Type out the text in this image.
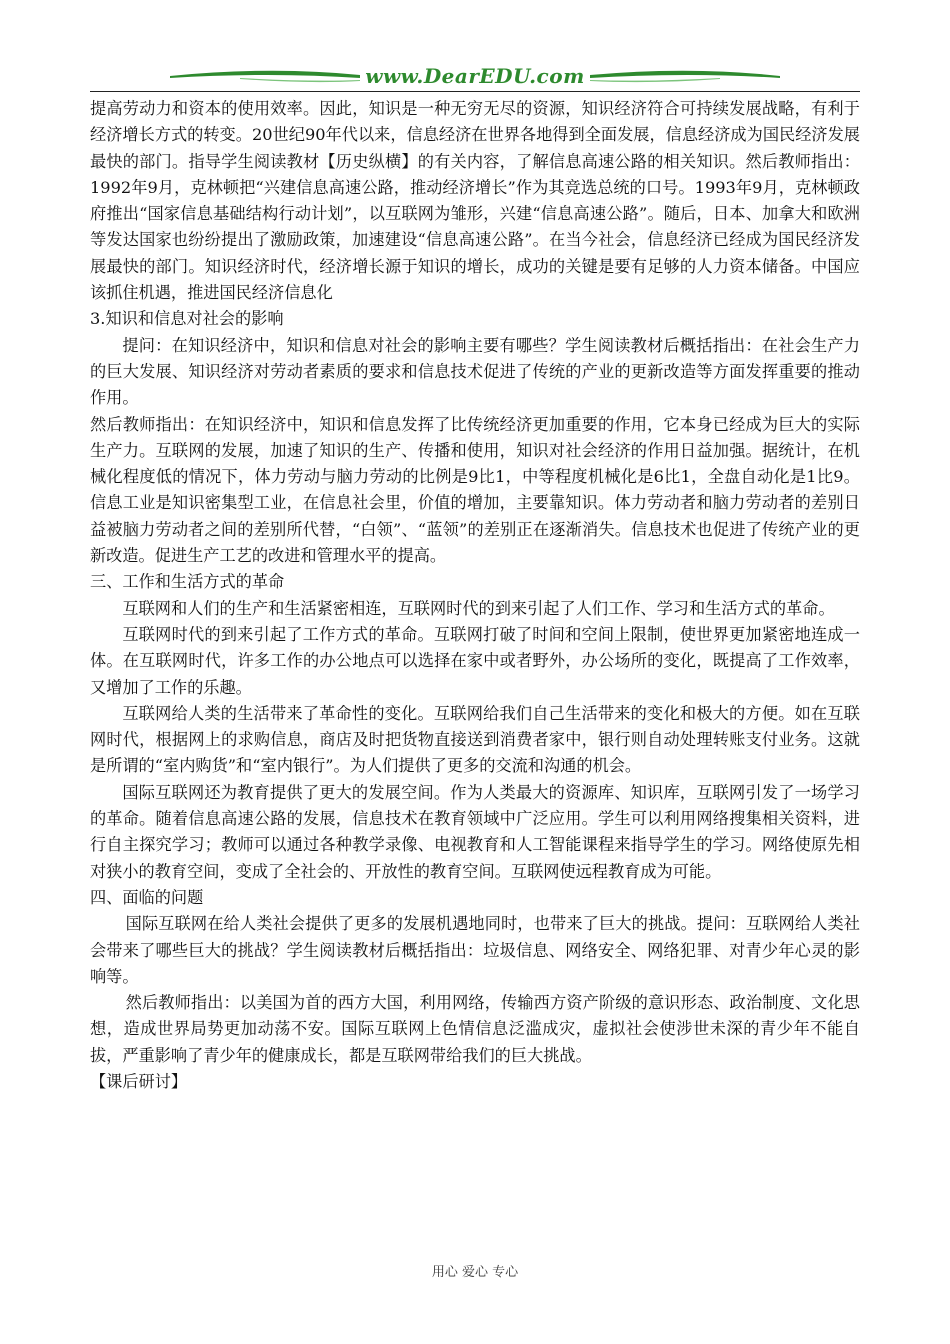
www.DearEDU.com

提高劳动力和资本的使用效率。因此，知识是一种无穷无尽的资源，知识经济符合可持续发展战略，有利于经济增长方式的转变。20世纪90年代以来，信息经济在世界各地得到全面发展，信息经济成为国民经济发展最快的部门。指导学生阅读教材【历史纵横】的有关内容，了解信息高速公路的相关知识。然后教师指出：1992年9月，克林顿把“兴建信息高速公路，推动经济增长”作为其竞选总统的口号。1993年9月，克林顿政府推出“国家信息基础结构行动计划”，以互联网为雏形，兴建“信息高速公路”。随后，日本、加拿大和欧洲等发达国家也纷纷提出了激励政策，加速建设“信息高速公路”。在当今社会，信息经济已经成为国民经济发展最快的部门。知识经济时代，经济增长源于知识的增长，成功的关键是要有足够的人力资本储备。中国应该抓住机遇，推进国民经济信息化

3.知识和信息对社会的影响

提问：在知识经济中，知识和信息对社会的影响主要有哪些？学生阅读教材后概括指出：在社会生产力的巨大发展、知识经济对劳动者素质的要求和信息技术促进了传统的产业的更新改造等方面发挥重要的推动作用。

然后教师指出：在知识经济中，知识和信息发挥了比传统经济更加重要的作用，它本身已经成为巨大的实际生产力。互联网的发展，加速了知识的生产、传播和使用，知识对社会经济的作用日益加强。据统计，在机械化程度低的情况下，体力劳动与脑力劳动的比例是9比1，中等程度机械化是6比1，全盘自动化是1比9。信息工业是知识密集型工业，在信息社会里，价值的增加，主要靠知识。体力劳动者和脑力劳动者的差别日益被脑力劳动者之间的差别所代替，“白领”、“蓝领”的差别正在逐渐消失。信息技术也促进了传统产业的更新改造。促进生产工艺的改进和管理水平的提高。

三、工作和生活方式的革命

互联网和人们的生产和生活紧密相连，互联网时代的到来引起了人们工作、学习和生活方式的革命。

互联网时代的到来引起了工作方式的革命。互联网打破了时间和空间上限制，使世界更加紧密地连成一体。在互联网时代，许多工作的办公地点可以选择在家中或者野外，办公场所的变化，既提高了工作效率，又增加了工作的乐趣。

互联网给人类的生活带来了革命性的变化。互联网给我们自己生活带来的变化和极大的方便。如在互联网时代，根据网上的求购信息，商店及时把货物直接送到消费者家中，银行则自动处理转账支付业务。这就是所谓的“室内购货”和“室内银行”。为人们提供了更多的交流和沟通的机会。

国际互联网还为教育提供了更大的发展空间。作为人类最大的资源库、知识库，互联网引发了一场学习的革命。随着信息高速公路的发展，信息技术在教育领域中广泛应用。学生可以利用网络搜集相关资料，进行自主探究学习；教师可以通过各种教学录像、电视教育和人工智能课程来指导学生的学习。网络使原先相对狭小的教育空间，变成了全社会的、开放性的教育空间。互联网使远程教育成为可能。

四、面临的问题

国际互联网在给人类社会提供了更多的发展机遇地同时，也带来了巨大的挑战。提问：互联网给人类社会带来了哪些巨大的挑战？学生阅读教材后概括指出：垃圾信息、网络安全、网络犯罪、对青少年心灵的影响等。

然后教师指出：以美国为首的西方大国，利用网络，传输西方资产阶级的意识形态、政治制度、文化思想，造成世界局势更加动荡不安。国际互联网上色情信息泛滥成灾，虚拟社会使涉世未深的青少年不能自拔，严重影响了青少年的健康成长，都是互联网带给我们的巨大挑战。

【课后研讨】

用心 爱心 专心
